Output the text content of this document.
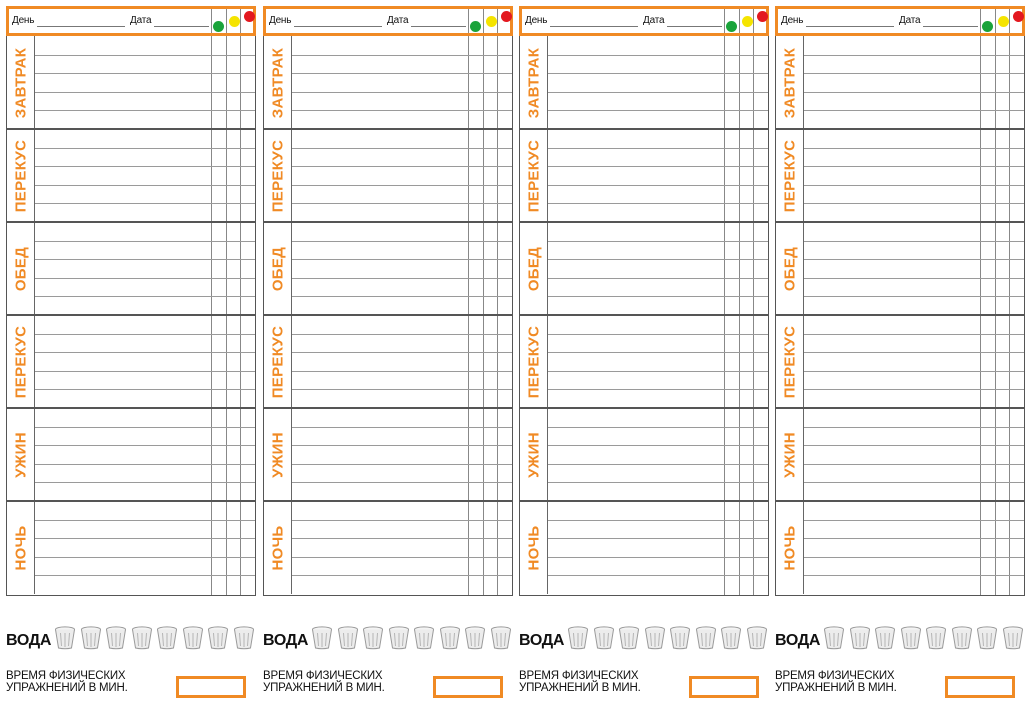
День	Дата
ЗАВТРАК
ПЕРЕКУС
ОБЕД
ПЕРЕКУС
УЖИН
НОЧЬ
ВОДА
ВРЕМЯ ФИЗИЧЕСКИХ
УПРАЖНЕНИЙ В МИН.
День	Дата
ЗАВТРАК
ПЕРЕКУС
ОБЕД
ПЕРЕКУС
УЖИН
НОЧЬ
ВОДА
ВРЕМЯ ФИЗИЧЕСКИХ
УПРАЖНЕНИЙ В МИН.
День	Дата
ЗАВТРАК
ПЕРЕКУС
ОБЕД
ПЕРЕКУС
УЖИН
НОЧЬ
ВОДА
ВРЕМЯ ФИЗИЧЕСКИХ
УПРАЖНЕНИЙ В МИН.
День	Дата
ЗАВТРАК
ПЕРЕКУС
ОБЕД
ПЕРЕКУС
УЖИН
НОЧЬ
ВОДА
ВРЕМЯ ФИЗИЧЕСКИХ
УПРАЖНЕНИЙ В МИН.
